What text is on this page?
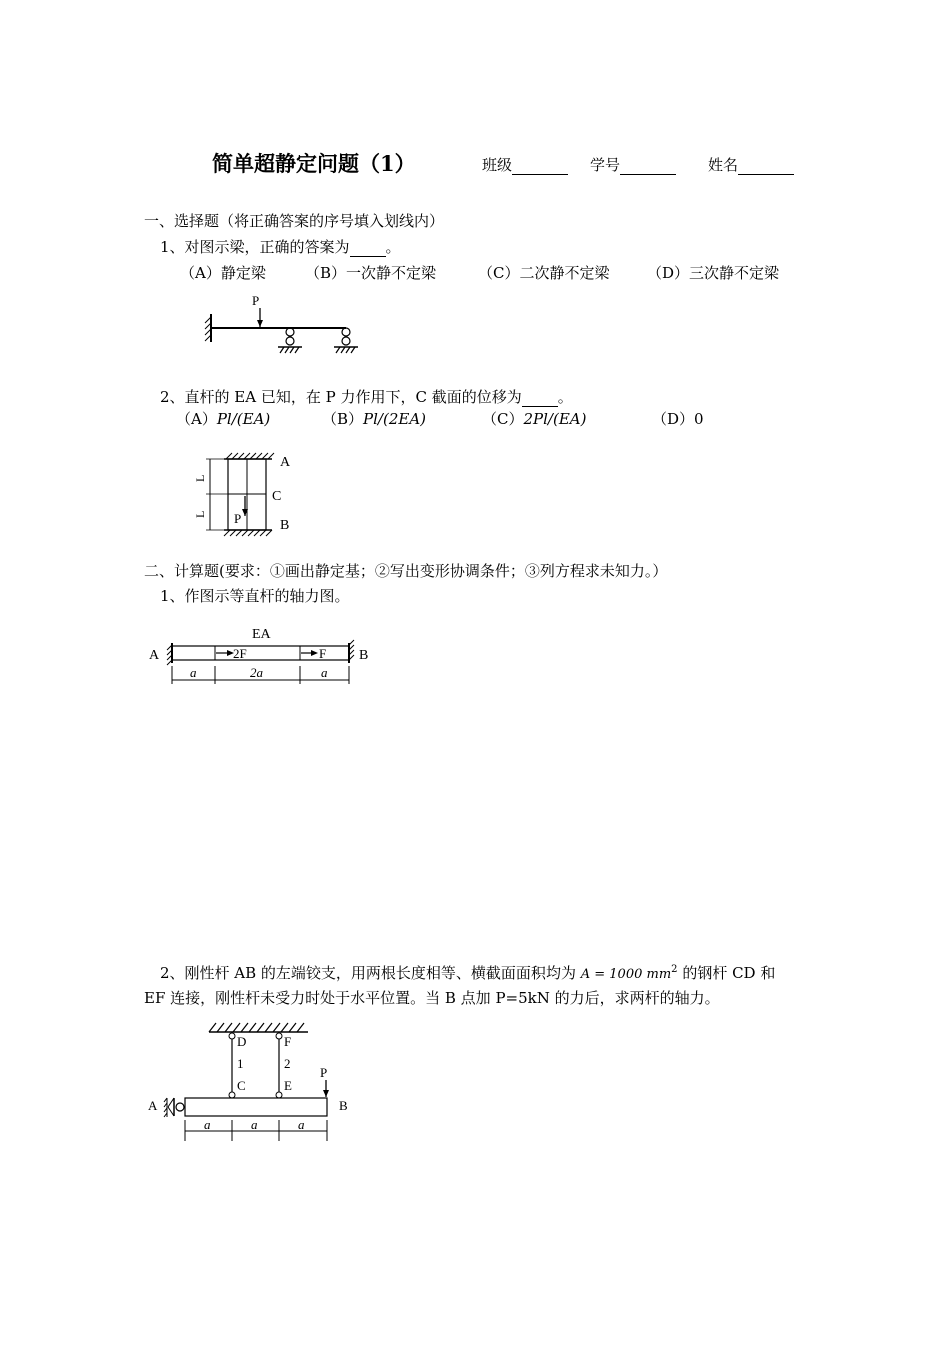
简单超静定问题（1）	班级	学号	姓名
一、选择题（将正确答案的序号填入划线内）
1、对图示梁，正确的答案为 。
（A）静定梁	（B）一次静不定梁	（C）二次静不定梁	（D）三次静不定梁
P
2、直杆的 EA 已知，在 P 力作用下，C 截面的位移为 。
（A）Pl/(EA)	（B）Pl/(2EA)	（C）2Pl/(EA)	（D）0
L
L P
A
C
B
二、计算题(要求：①画出静定基；②写出变形协调条件；③列方程求未知力。）
1、作图示等直杆的轴力图。
EA
A	B
2F	F
a	2a	a
2、刚性杆 AB 的左端铰支，用两根长度相等、横截面面积均为 A = 1000 $mm^2$ 的钢杆 CD 和
EF 连接，刚性杆未受力时处于水平位置。当 B 点加 P=5kN 的力后，求两杆的轴力。
D
1
C
F
2
E
A	B
P
a	a	a
